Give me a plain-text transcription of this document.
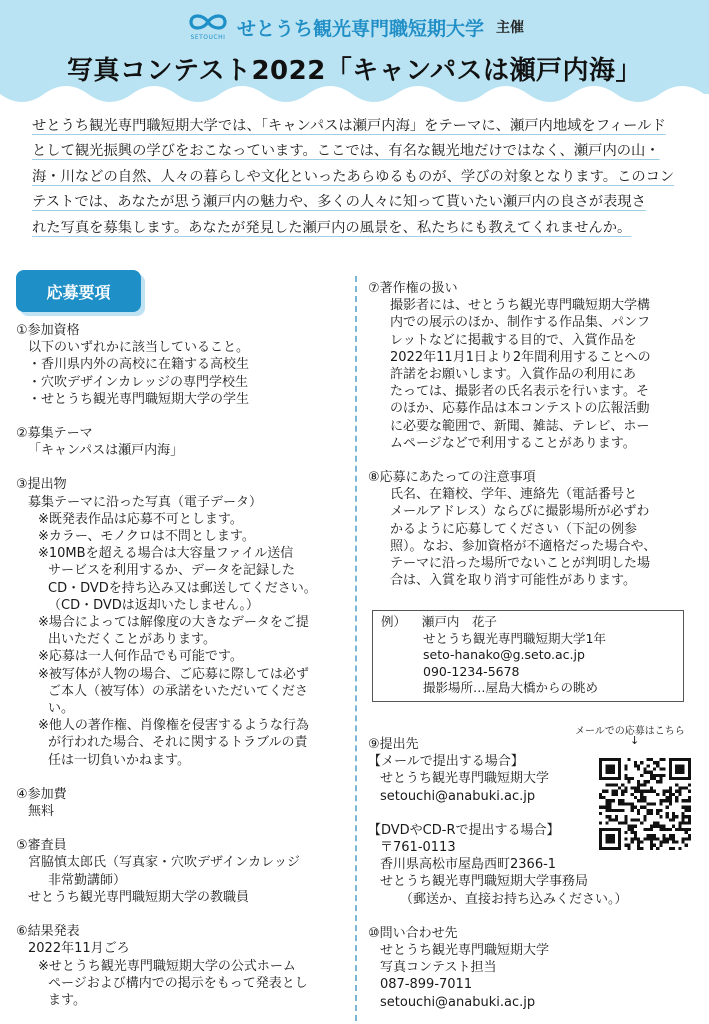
SETOUCHI せとうち観光専門職短期大学 主催
写真コンテスト2022「キャンパスは瀬戸内海」
せとうち観光専門職短期大学では、「キャンパスは瀬戸内海」をテーマに、瀬戸内地域をフィールド
として観光振興の学びをおこなっています。ここでは、有名な観光地だけではなく、瀬戸内の山・
海・川などの自然、人々の暮らしや文化といったあらゆるものが、学びの対象となります。このコン
テストでは、あなたが思う瀬戸内の魅力や、多くの人々に知って貰いたい瀬戸内の良さが表現さ
れた写真を募集します。あなたが発見した瀬戸内の風景を、私たちにも教えてくれませんか。
応募要項
①参加資格
以下のいずれかに該当していること。
・香川県内外の高校に在籍する高校生
・穴吹デザインカレッジの専門学校生
・せとうち観光専門職短期大学の学生
②募集テーマ
「キャンパスは瀬戸内海」
③提出物
募集テーマに沿った写真（電子データ）
※既発表作品は応募不可とします。
※カラー、モノクロは不問とします。
※10MBを超える場合は大容量ファイル送信
サービスを利用するか、データを記録した
CD・DVDを持ち込み又は郵送してください。
（CD・DVDは返却いたしません。）
※場合によっては解像度の大きなデータをご提
出いただくことがあります。
※応募は一人何作品でも可能です。
※被写体が人物の場合、ご応募に際しては必ず
ご本人（被写体）の承諾をいただいてくださ
い。
※他人の著作権、肖像権を侵害するような行為
が行われた場合、それに関するトラブルの責
任は一切負いかねます。
④参加費
無料
⑤審査員
宮脇慎太郎氏（写真家・穴吹デザインカレッジ
非常勤講師）
せとうち観光専門職短期大学の教職員
⑥結果発表
2022年11月ごろ
※せとうち観光専門職短期大学の公式ホーム
ページおよび構内での掲示をもって発表とし
ます。
⑦著作権の扱い
撮影者には、せとうち観光専門職短期大学構
内での展示のほか、制作する作品集、パンフ
レットなどに掲載する目的で、入賞作品を
2022年11月1日より2年間利用することへの
許諾をお願いします。入賞作品の利用にあ
たっては、撮影者の氏名表示を行います。そ
のほか、応募作品は本コンテストの広報活動
に必要な範囲で、新聞、雑誌、テレビ、ホー
ムページなどで利用することがあります。
⑧応募にあたっての注意事項
氏名、在籍校、学年、連絡先（電話番号と
メールアドレス）ならびに撮影場所が必ずわ
かるように応募してください（下記の例参
照）。なお、参加資格が不適格だった場合や、
テーマに沿った場所でないことが判明した場
合は、入賞を取り消す可能性があります。
例） 瀬戸内　花子
せとうち観光専門職短期大学1年
seto-hanako@g.seto.ac.jp
090-1234-5678
撮影場所…屋島大橋からの眺め
メールでの応募はこちら
↓
⑨提出先
【メールで提出する場合】
せとうち観光専門職短期大学
setouchi@anabuki.ac.jp
【DVDやCD-Rで提出する場合】
〒761-0113
香川県高松市屋島西町2366-1
せとうち観光専門職短期大学事務局
（郵送か、直接お持ち込みください。）
⑩問い合わせ先
せとうち観光専門職短期大学
写真コンテスト担当
087-899-7011
setouchi@anabuki.ac.jp
